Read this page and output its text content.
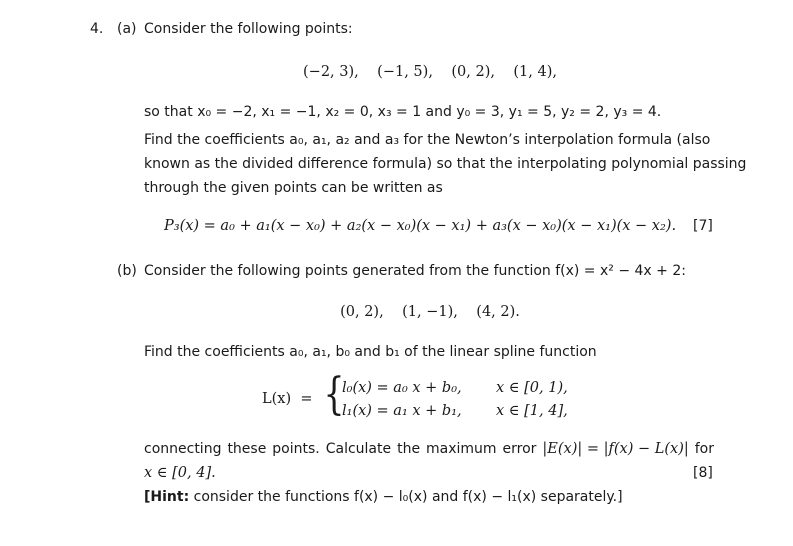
4. (a) Consider the following points:
(−2, 3),    (−1, 5),    (0, 2),    (1, 4),
so that x₀ = −2, x₁ = −1, x₂ = 0, x₃ = 1 and y₀ = 3, y₁ = 5, y₂ = 2, y₃ = 4.
Find the coefficients a₀, a₁, a₂ and a₃ for the Newton’s interpolation formula (also
known as the divided difference formula) so that the interpolating polynomial passing
through the given points can be written as
P₃(x) = a₀ + a₁(x − x₀) + a₂(x − x₀)(x − x₁) + a₃(x − x₀)(x − x₁)(x − x₂). [7]
(b) Consider the following points generated from the function f(x) = x² − 4x + 2:
(0, 2),    (1, −1),    (4, 2).
Find the coefficients a₀, a₁, b₀ and b₁ of the linear spline function
L(x)  = {
l₀(x) = a₀ x + b₀, x ∈ [0, 1),
l₁(x) = a₁ x + b₁, x ∈ [1, 4],
connecting these points. Calculate the maximum error |E(x)| = |f(x) − L(x)| for
x ∈ [0, 4].	[8]
[Hint: consider the functions f(x) − l₀(x) and f(x) − l₁(x) separately.]
